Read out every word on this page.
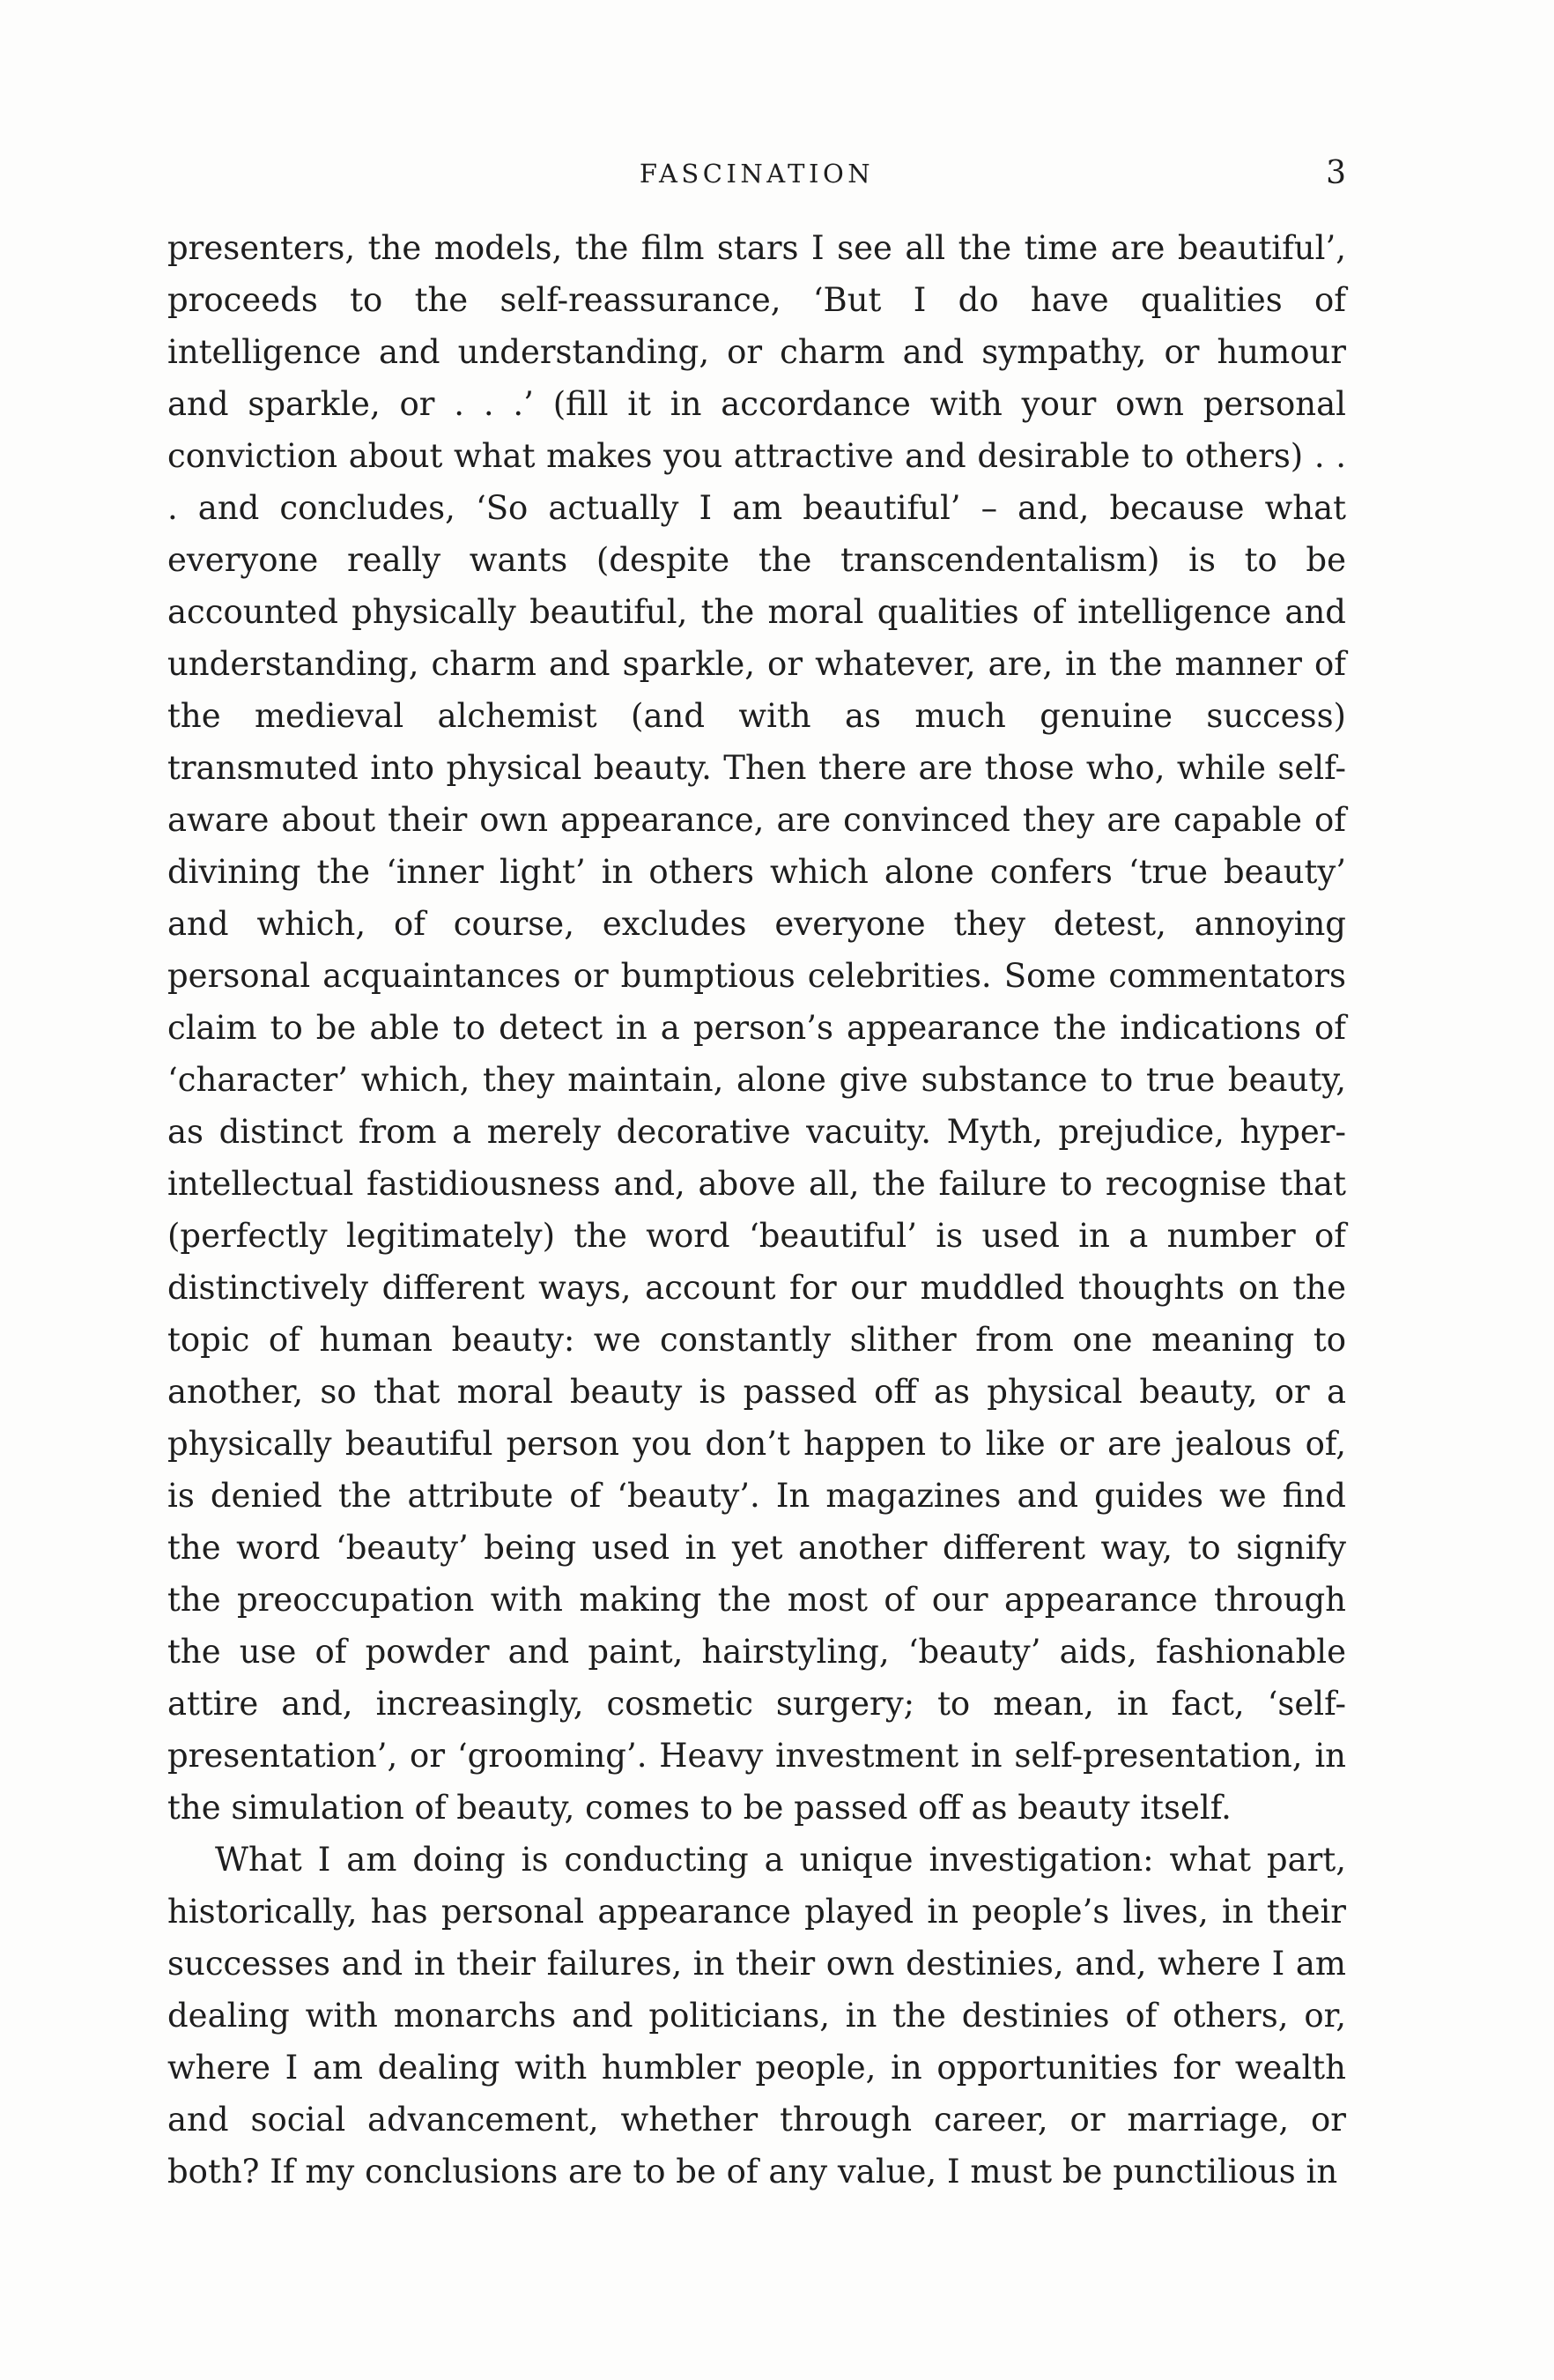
FASCINATION	3

presenters, the models, the film stars I see all the time are beautiful’, proceeds to the self-reassurance, ‘But I do have qualities of intelligence and understanding, or charm and sympathy, or humour and sparkle, or . . .’ (fill it in accordance with your own personal conviction about what makes you attractive and desirable to others) . . . and concludes, ‘So actually I am beautiful’ – and, because what everyone really wants (despite the transcendentalism) is to be accounted physically beautiful, the moral qualities of intelligence and understanding, charm and sparkle, or whatever, are, in the manner of the medieval alchemist (and with as much genuine success) transmuted into physical beauty. Then there are those who, while self-aware about their own appearance, are convinced they are capable of divining the ‘inner light’ in others which alone confers ‘true beauty’ and which, of course, excludes everyone they detest, annoying personal acquaintances or bumptious celebrities. Some commentators claim to be able to detect in a person’s appearance the indications of ‘character’ which, they maintain, alone give substance to true beauty, as distinct from a merely decorative vacuity. Myth, prejudice, hyper-intellectual fastidiousness and, above all, the failure to recognise that (perfectly legitimately) the word ‘beautiful’ is used in a number of distinctively different ways, account for our muddled thoughts on the topic of human beauty: we constantly slither from one meaning to another, so that moral beauty is passed off as physical beauty, or a physically beautiful person you don’t happen to like or are jealous of, is denied the attribute of ‘beauty’. In magazines and guides we find the word ‘beauty’ being used in yet another different way, to signify the preoccupation with making the most of our appearance through the use of powder and paint, hairstyling, ‘beauty’ aids, fashionable attire and, increasingly, cosmetic surgery; to mean, in fact, ‘self-presentation’, or ‘grooming’. Heavy investment in self-presentation, in the simulation of beauty, comes to be passed off as beauty itself.

What I am doing is conducting a unique investigation: what part, historically, has personal appearance played in people’s lives, in their successes and in their failures, in their own destinies, and, where I am dealing with monarchs and politicians, in the destinies of others, or, where I am dealing with humbler people, in opportunities for wealth and social advancement, whether through career, or marriage, or both? If my conclusions are to be of any value, I must be punctilious in
